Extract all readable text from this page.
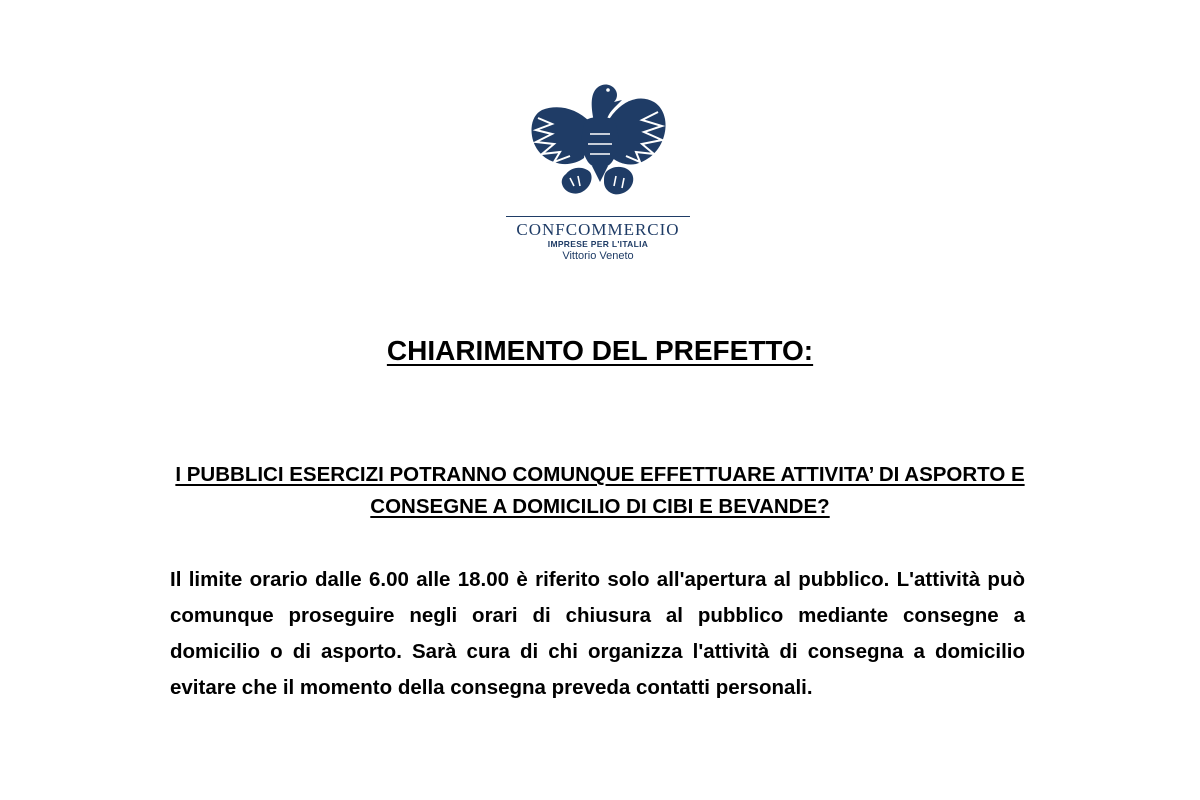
CONFCOMMERCIO
IMPRESE PER L'ITALIA
Vittorio Veneto
CHIARIMENTO DEL PREFETTO:
I PUBBLICI ESERCIZI POTRANNO COMUNQUE EFFETTUARE ATTIVITA’ DI ASPORTO E CONSEGNE A DOMICILIO DI CIBI E BEVANDE?
Il limite orario dalle 6.00 alle 18.00 è riferito solo all'apertura al pubblico. L'attività può comunque proseguire negli orari di chiusura al pubblico mediante consegne a domicilio o di asporto. Sarà cura di chi organizza l'attività di consegna a domicilio evitare che il momento della consegna preveda contatti personali.
